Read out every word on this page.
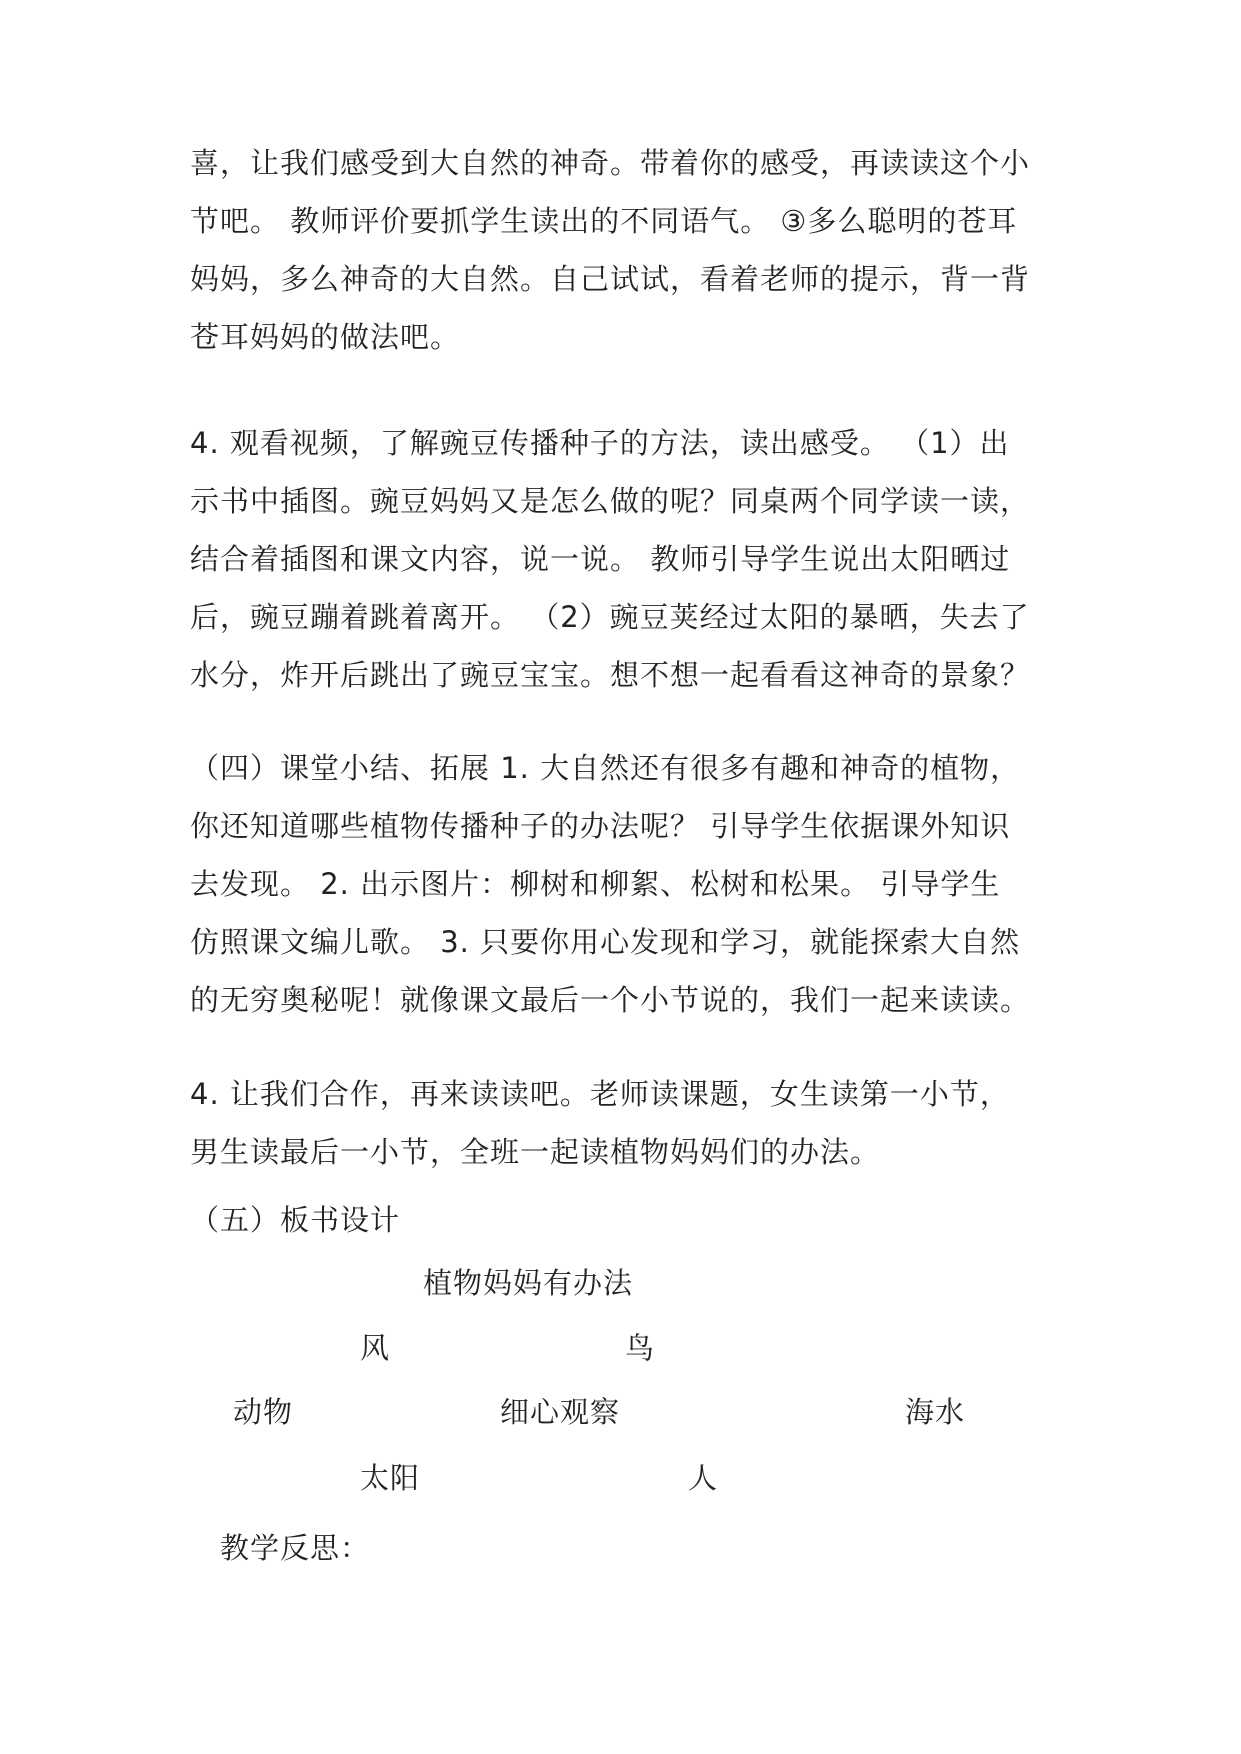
喜，让我们感受到大自然的神奇。带着你的感受，再读读这个小
节吧。 教师评价要抓学生读出的不同语气。 ③多么聪明的苍耳
妈妈，多么神奇的大自然。自己试试，看着老师的提示，背一背
苍耳妈妈的做法吧。
4. 观看视频，了解豌豆传播种子的方法，读出感受。 （1）出
示书中插图。豌豆妈妈又是怎么做的呢？同桌两个同学读一读，
结合着插图和课文内容，说一说。 教师引导学生说出太阳晒过
后，豌豆蹦着跳着离开。 （2）豌豆荚经过太阳的暴晒，失去了
水分，炸开后跳出了豌豆宝宝。想不想一起看看这神奇的景象？
（四）课堂小结、拓展 1. 大自然还有很多有趣和神奇的植物，
你还知道哪些植物传播种子的办法呢？ 引导学生依据课外知识
去发现。 2. 出示图片：柳树和柳絮、松树和松果。 引导学生
仿照课文编儿歌。 3. 只要你用心发现和学习，就能探索大自然
的无穷奥秘呢！就像课文最后一个小节说的，我们一起来读读。
4. 让我们合作，再来读读吧。老师读课题，女生读第一小节，
男生读最后一小节，全班一起读植物妈妈们的办法。
（五）板书设计
植物妈妈有办法
风	鸟
动物	细心观察	海水
太阳	人
教学反思：
